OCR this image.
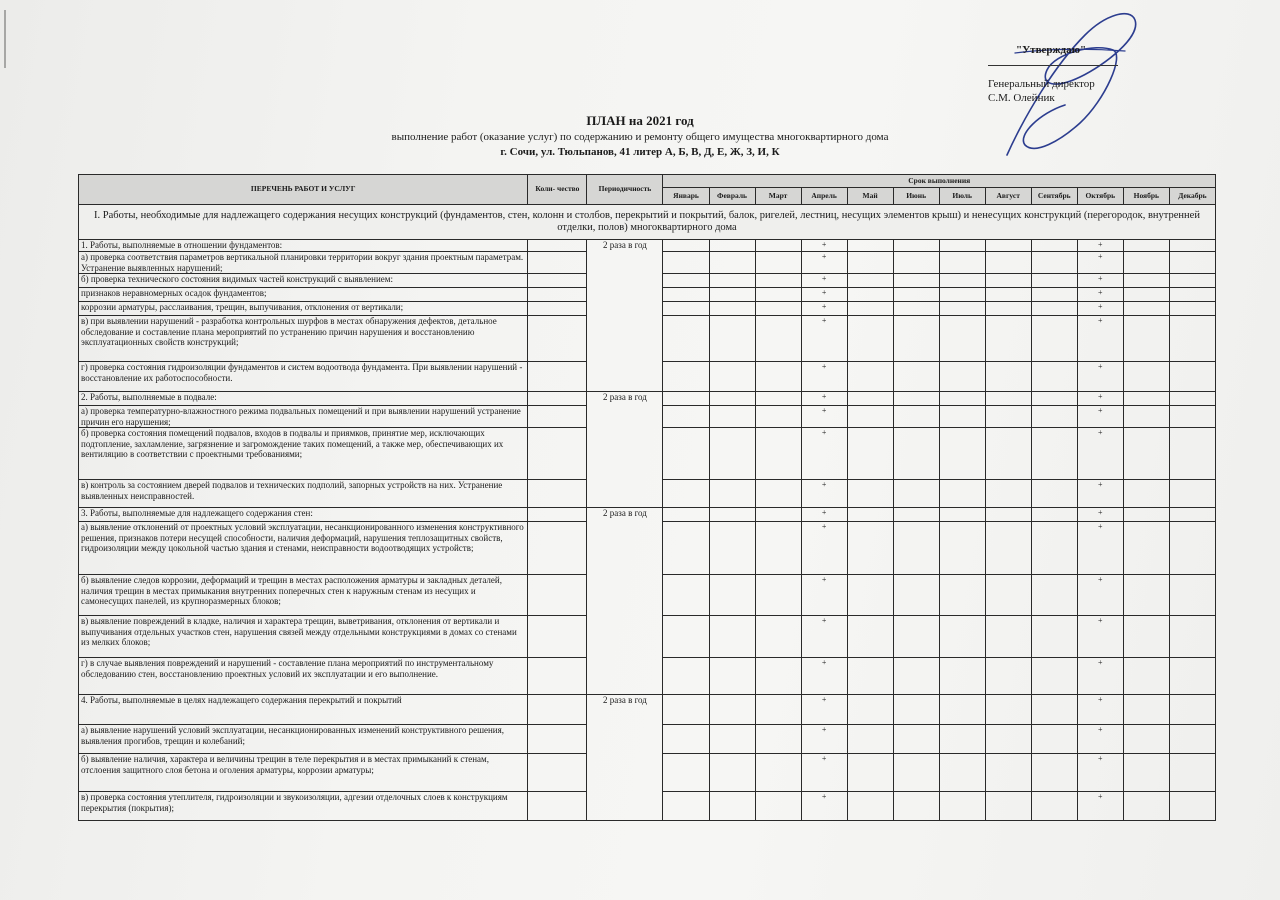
"Утверждаю"
Генеральный директор
С.М. Олейник
ПЛАН на 2021 год
выполнение работ (оказание услуг) по содержанию и ремонту общего имущества многоквартирного дома
г. Сочи, ул. Тюльпанов, 41 литер А, Б, В, Д, Е, Ж, З, И, К
ПЕРЕЧЕНЬ РАБОТ И УСЛУГ	Коли- чество	Периодичность	Срок выполнения											
			Январь	Февраль	Март	Апрель	Май	Июнь	Июль	Август	Сентябрь	Октябрь	Ноябрь	Декабрь
I. Работы, необходимые для надлежащего содержания несущих конструкций (фундаментов, стен, колонн и столбов, перекрытий и покрытий, балок, ригелей, лестниц, несущих элементов крыш) и ненесущих конструкций (перегородок, внутренней отделки, полов) многоквартирного дома														
1. Работы, выполняемые в отношении фундаментов:		2 раза в год				+						+		
а) проверка соответствия параметров вертикальной планировки территории вокруг здания проектным параметрам. Устранение выявленных нарушений;						+						+		
б) проверка технического состояния видимых частей конструкций с выявлением:						+						+		
признаков неравномерных осадок фундаментов;						+						+		
коррозии арматуры, расслаивания, трещин, выпучивания, отклонения от вертикали;						+						+		
в) при выявлении нарушений - разработка контрольных шурфов в местах обнаружения дефектов, детальное обследование и составление плана мероприятий по устранению причин нарушения и восстановлению эксплуатационных свойств конструкций;						+						+		
г) проверка состояния гидроизоляции фундаментов и систем водоотвода фундамента. При выявлении нарушений - восстановление их работоспособности.						+						+		
2. Работы, выполняемые в подвале:		2 раза в год				+						+		
а) проверка температурно-влажностного режима подвальных помещений и при выявлении нарушений устранение причин его нарушения;						+						+		
б) проверка состояния помещений подвалов, входов в подвалы и приямков, принятие мер, исключающих подтопление, захламление, загрязнение и загромождение таких помещений, а также мер, обеспечивающих их вентиляцию в соответствии с проектными требованиями;						+						+		
в) контроль за состоянием дверей подвалов и технических подполий, запорных устройств на них. Устранение выявленных неисправностей.						+						+		
3. Работы, выполняемые для надлежащего содержания стен:		2 раза в год				+						+		
а) выявление отклонений от проектных условий эксплуатации, несанкционированного изменения конструктивного решения, признаков потери несущей способности, наличия деформаций, нарушения теплозащитных свойств, гидроизоляции между цокольной частью здания и стенами, неисправности водоотводящих устройств;						+						+		
б) выявление следов коррозии, деформаций и трещин в местах расположения арматуры и закладных деталей, наличия трещин в местах примыкания внутренних поперечных стен к наружным стенам из несущих и самонесущих панелей, из крупноразмерных блоков;						+						+		
в) выявление повреждений в кладке, наличия и характера трещин, выветривания, отклонения от вертикали и выпучивания отдельных участков стен, нарушения связей между отдельными конструкциями в домах со стенами из мелких блоков;						+						+		
г) в случае выявления повреждений и нарушений - составление плана мероприятий по инструментальному обследованию стен, восстановлению проектных условий их эксплуатации и его выполнение.						+						+		
4. Работы, выполняемые в целях надлежащего содержания перекрытий и покрытий		2 раза в год				+						+		
а) выявление нарушений условий эксплуатации, несанкционированных изменений конструктивного решения, выявления прогибов, трещин и колебаний;						+						+		
б) выявление наличия, характера и величины трещин в теле перекрытия и в местах примыканий к стенам, отслоения защитного слоя бетона и оголения арматуры, коррозии арматуры;						+						+		
в) проверка состояния утеплителя, гидроизоляции и звукоизоляции, адгезии отделочных слоев к конструкциям перекрытия (покрытия);						+						+		
